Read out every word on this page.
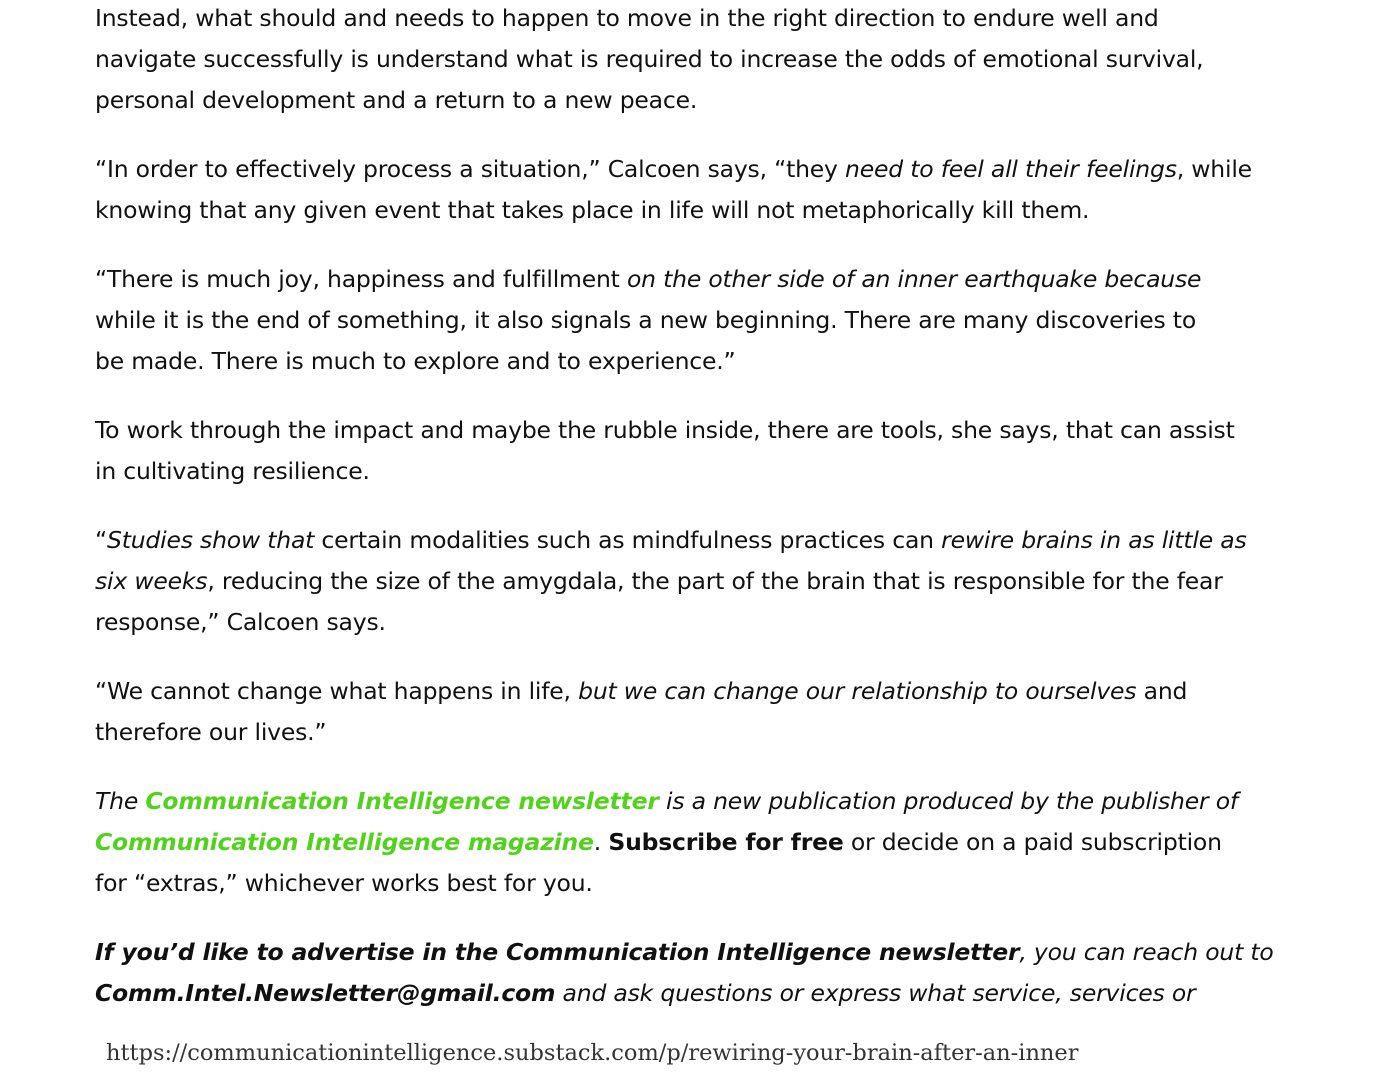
Instead, what should and needs to happen to move in the right direction to endure well and
navigate successfully is understand what is required to increase the odds of emotional survival,
personal development and a return to a new peace.

“In order to effectively process a situation,” Calcoen says, “they need to feel all their feelings, while
knowing that any given event that takes place in life will not metaphorically kill them.

“There is much joy, happiness and fulfillment on the other side of an inner earthquake because
while it is the end of something, it also signals a new beginning. There are many discoveries to
be made. There is much to explore and to experience.”

To work through the impact and maybe the rubble inside, there are tools, she says, that can assist
in cultivating resilience.

“Studies show that certain modalities such as mindfulness practices can rewire brains in as little as
six weeks, reducing the size of the amygdala, the part of the brain that is responsible for the fear
response,” Calcoen says.

“We cannot change what happens in life, but we can change our relationship to ourselves and
therefore our lives.”

The Communication Intelligence newsletter is a new publication produced by the publisher of
Communication Intelligence magazine. Subscribe for free or decide on a paid subscription
for “extras,” whichever works best for you.

If you’d like to advertise in the Communication Intelligence newsletter, you can reach out to
Comm.Intel.Newsletter@gmail.com and ask questions or express what service, services or

https://communicationintelligence.substack.com/p/rewiring-your-brain-after-an-inner
